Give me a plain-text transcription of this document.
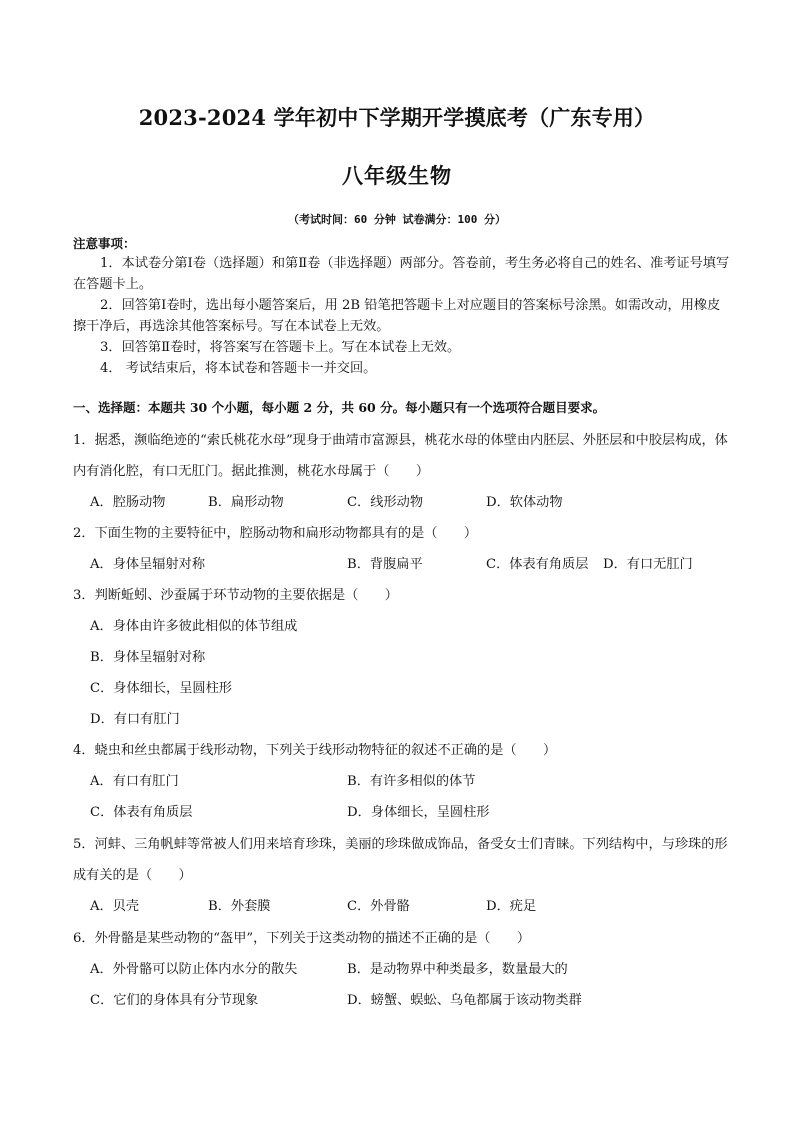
2023-2024 学年初中下学期开学摸底考（广东专用）
八年级生物
（考试时间：60 分钟 试卷满分：100 分）
注意事项：

1．本试卷分第Ⅰ卷（选择题）和第Ⅱ卷（非选择题）两部分。答卷前，考生务必将自己的姓名、准考证号填写在答题卡上。

2．回答第Ⅰ卷时，选出每小题答案后，用 2B 铅笔把答题卡上对应题目的答案标号涂黑。如需改动，用橡皮擦干净后，再选涂其他答案标号。写在本试卷上无效。

3．回答第Ⅱ卷时，将答案写在答题卡上。写在本试卷上无效。

4． 考试结束后，将本试卷和答题卡一并交回。

一、选择题：本题共 30 个小题，每小题 2 分，共 60 分。每小题只有一个选项符合题目要求。

1．据悉，濒临绝迹的“索氏桃花水母”现身于曲靖市富源县，桃花水母的体壁由内胚层、外胚层和中胶层构成，体内有消化腔，有口无肛门。据此推测，桃花水母属于（　　）

A．腔肠动物	B．扁形动物	C．线形动物	D．软体动物

2．下面生物的主要特征中，腔肠动物和扁形动物都具有的是（　　）

A．身体呈辐射对称	B．背腹扁平	C．体表有角质层 D．有口无肛门

3．判断蚯蚓、沙蚕属于环节动物的主要依据是（　　）

A．身体由许多彼此相似的体节组成
B．身体呈辐射对称
C．身体细长，呈圆柱形
D．有口有肛门

4．蛲虫和丝虫都属于线形动物，下列关于线形动物特征的叙述不正确的是（　　）

A．有口有肛门	B．有许多相似的体节
C．体表有角质层	D．身体细长，呈圆柱形

5．河蚌、三角帆蚌等常被人们用来培育珍珠，美丽的珍珠做成饰品，备受女士们青睐。下列结构中，与珍珠的形成有关的是（　　）

A．贝壳	B．外套膜	C．外骨骼	D．疣足

6．外骨骼是某些动物的“盔甲”，下列关于这类动物的描述不正确的是（　　）

A．外骨骼可以防止体内水分的散失	B．是动物界中种类最多，数量最大的
C．它们的身体具有分节现象	D．螃蟹、蜈蚣、乌龟都属于该动物类群
